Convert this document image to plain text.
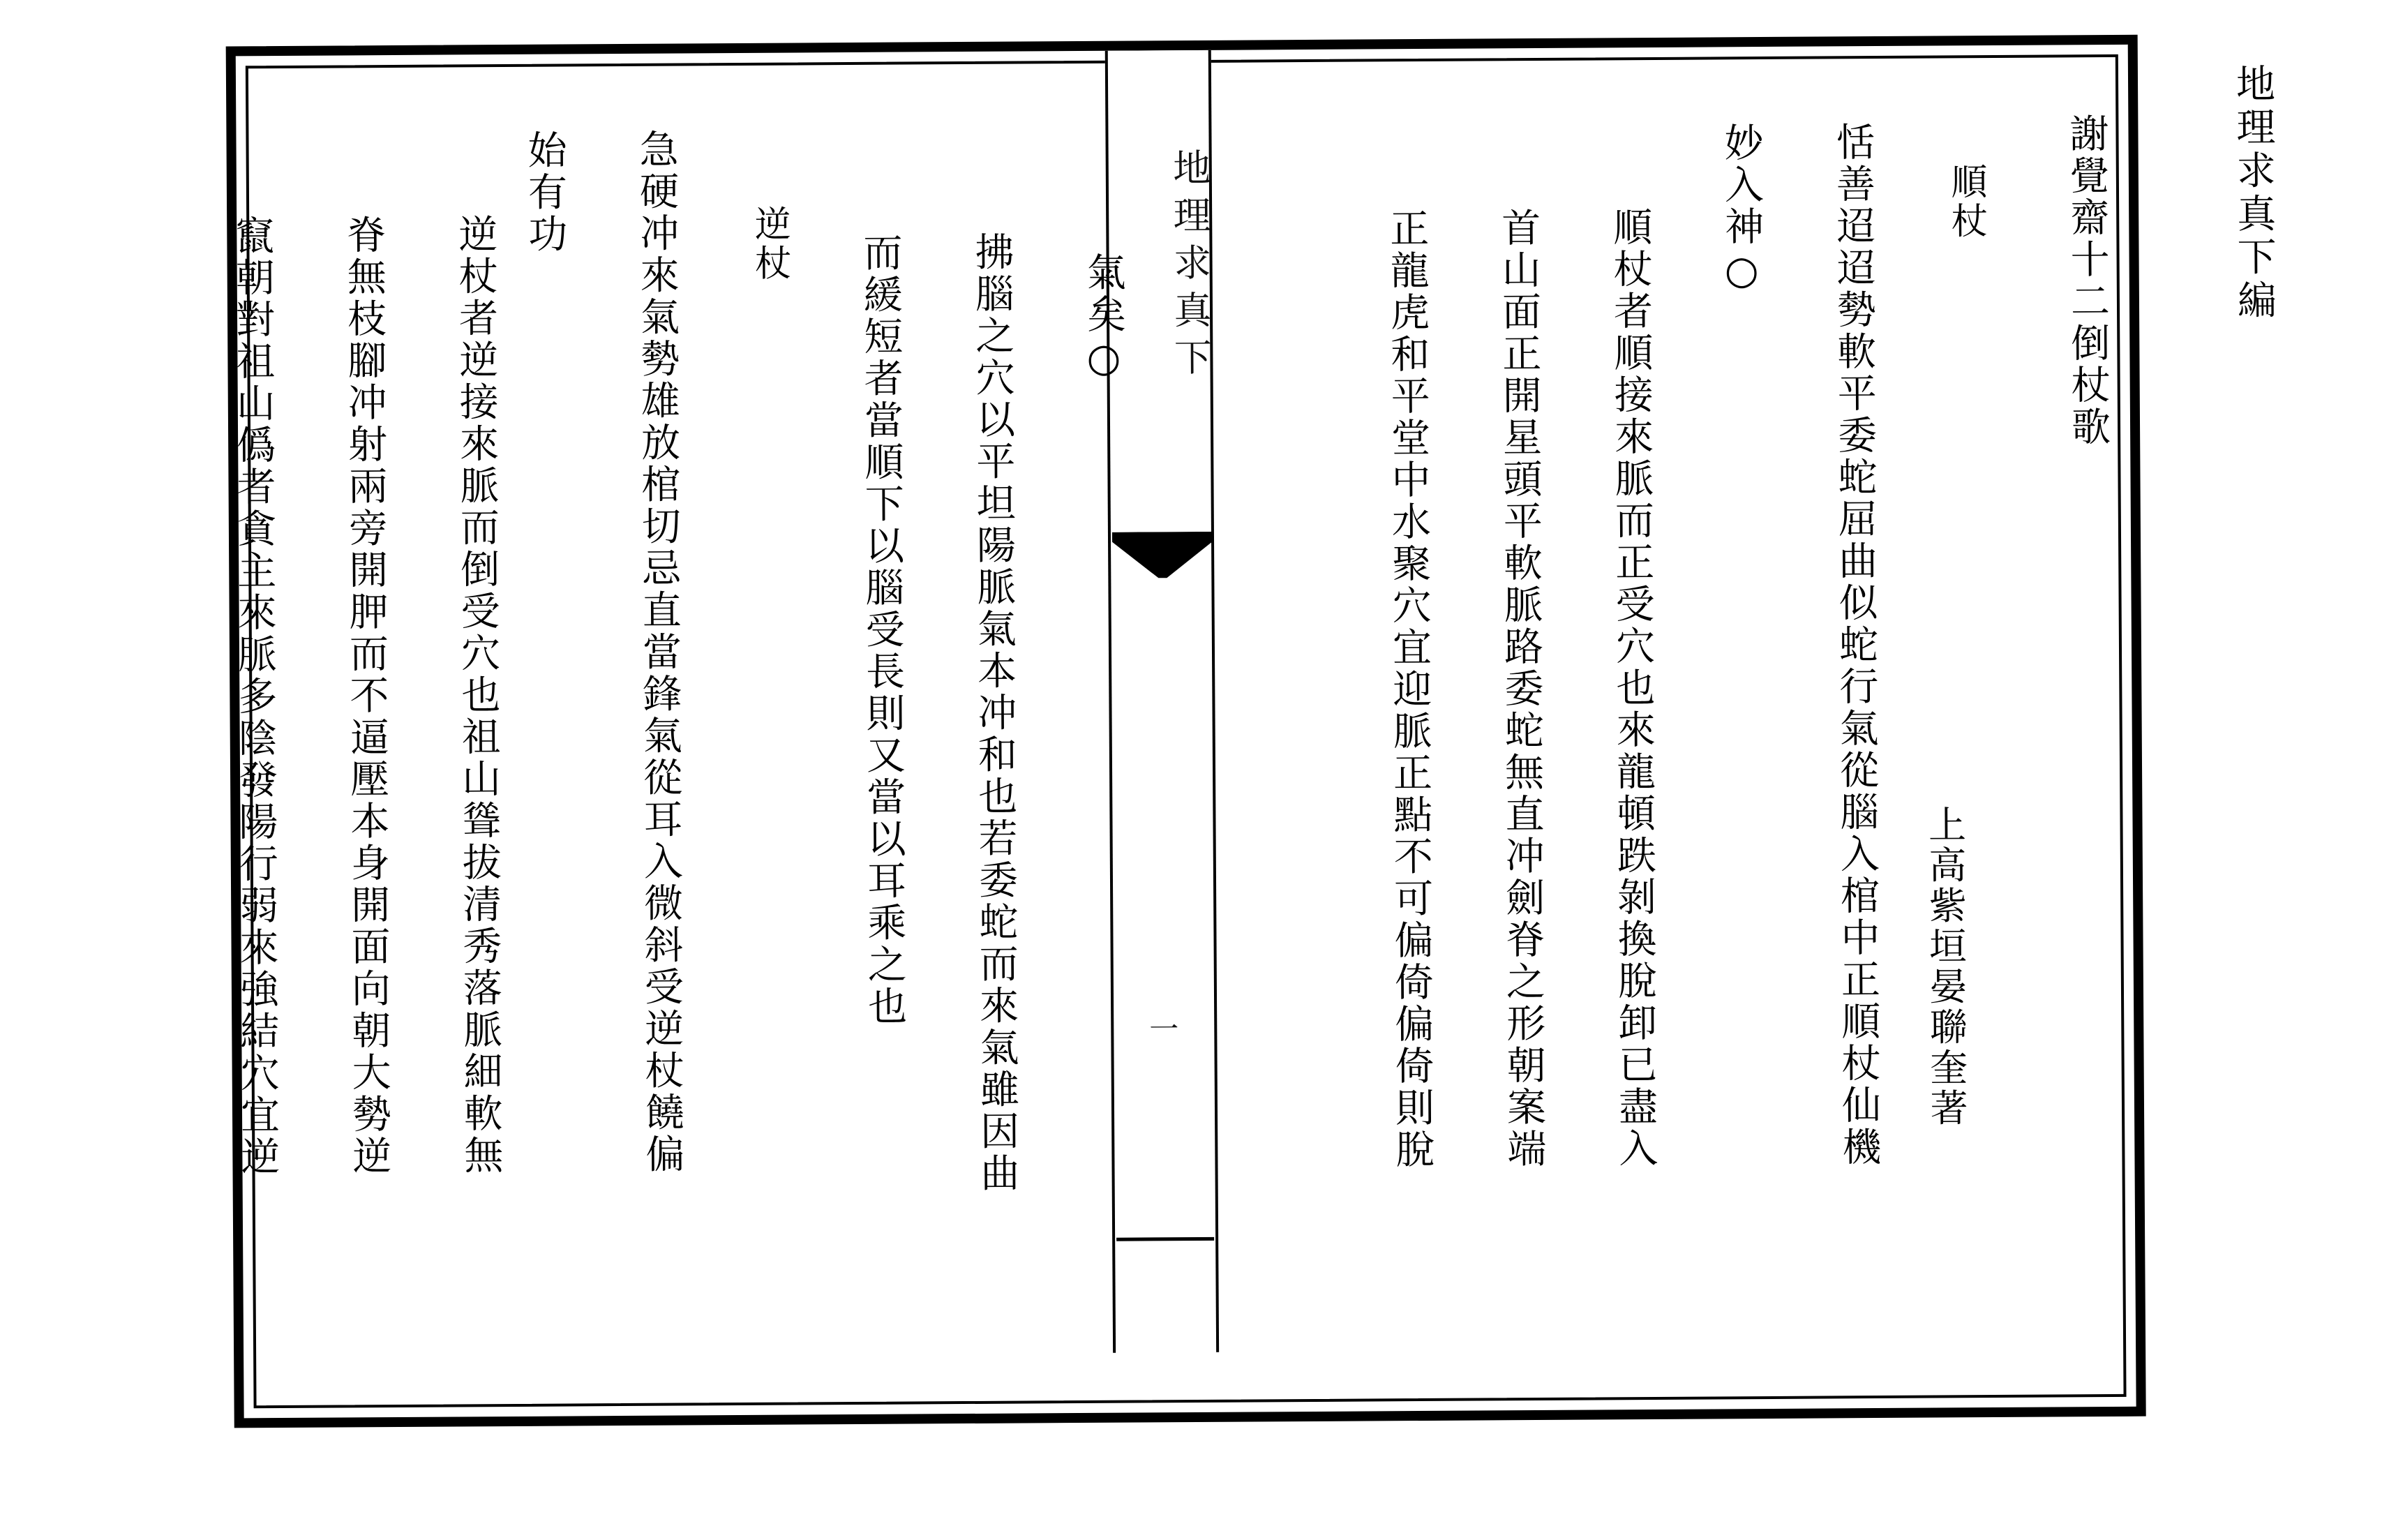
地理求真下編
地理求真下
一
謝覺齋十二倒杖歌
上高紫垣晏聯奎著
順杖
恬善迢迢勢軟平委蛇屈曲似蛇行氣從腦入棺中正順杖仙機
妙入神○
順杖者順接來脈而正受穴也來龍頓跌剝換脫卸已盡入
首山面正開星頭平軟脈路委蛇無直冲劍脊之形朝案端
正龍虎和平堂中水聚穴宜迎脈正點不可偏倚偏倚則脫
氣矣○
拂腦之穴以平坦陽脈氣本冲和也若委蛇而來氣雖因曲
而緩短者當順下以腦受長則又當以耳乘之也
逆杖
急硬冲來氣勢雄放棺切忌直當鋒氣從耳入微斜受逆杖饒偏
始有功
逆杖者逆接來脈而倒受穴也祖山聳拔清秀落脈細軟無
脊無枝腳冲射兩旁開胛而不逼壓本身開面向朝大勢逆
竄朝對祖山僞者貪主來脈多陰發陽行弱來強結穴宜逆
